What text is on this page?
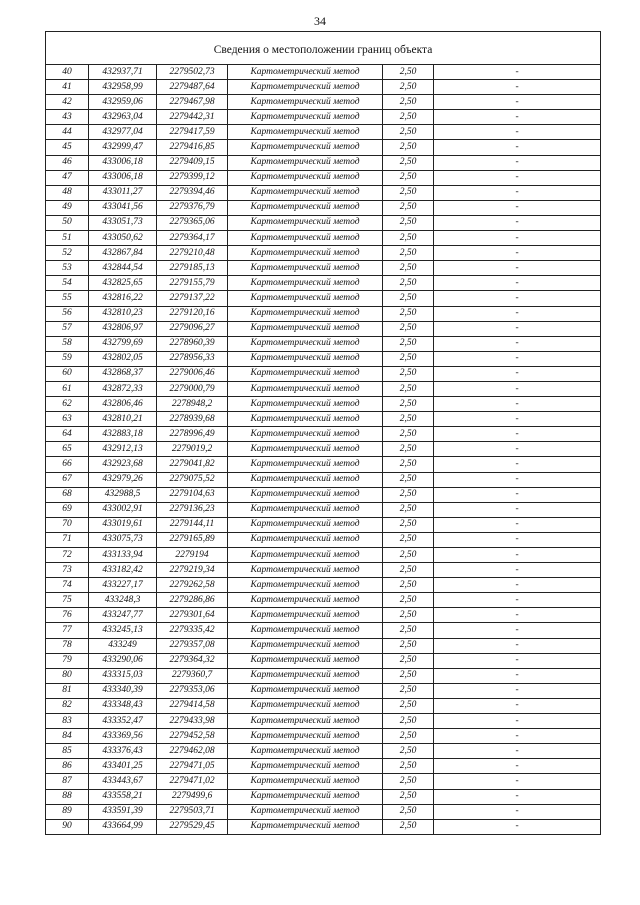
34
Сведения о местоположении границ объекта					
40	432937,71	2279502,73	Картометрический метод	2,50	-
41	432958,99	2279487,64	Картометрический метод	2,50	-
42	432959,06	2279467,98	Картометрический метод	2,50	-
43	432963,04	2279442,31	Картометрический метод	2,50	-
44	432977,04	2279417,59	Картометрический метод	2,50	-
45	432999,47	2279416,85	Картометрический метод	2,50	-
46	433006,18	2279409,15	Картометрический метод	2,50	-
47	433006,18	2279399,12	Картометрический метод	2,50	-
48	433011,27	2279394,46	Картометрический метод	2,50	-
49	433041,56	2279376,79	Картометрический метод	2,50	-
50	433051,73	2279365,06	Картометрический метод	2,50	-
51	433050,62	2279364,17	Картометрический метод	2,50	-
52	432867,84	2279210,48	Картометрический метод	2,50	-
53	432844,54	2279185,13	Картометрический метод	2,50	-
54	432825,65	2279155,79	Картометрический метод	2,50	-
55	432816,22	2279137,22	Картометрический метод	2,50	-
56	432810,23	2279120,16	Картометрический метод	2,50	-
57	432806,97	2279096,27	Картометрический метод	2,50	-
58	432799,69	2278960,39	Картометрический метод	2,50	-
59	432802,05	2278956,33	Картометрический метод	2,50	-
60	432868,37	2279006,46	Картометрический метод	2,50	-
61	432872,33	2279000,79	Картометрический метод	2,50	-
62	432806,46	2278948,2	Картометрический метод	2,50	-
63	432810,21	2278939,68	Картометрический метод	2,50	-
64	432883,18	2278996,49	Картометрический метод	2,50	-
65	432912,13	2279019,2	Картометрический метод	2,50	-
66	432923,68	2279041,82	Картометрический метод	2,50	-
67	432979,26	2279075,52	Картометрический метод	2,50	-
68	432988,5	2279104,63	Картометрический метод	2,50	-
69	433002,91	2279136,23	Картометрический метод	2,50	-
70	433019,61	2279144,11	Картометрический метод	2,50	-
71	433075,73	2279165,89	Картометрический метод	2,50	-
72	433133,94	2279194	Картометрический метод	2,50	-
73	433182,42	2279219,34	Картометрический метод	2,50	-
74	433227,17	2279262,58	Картометрический метод	2,50	-
75	433248,3	2279286,86	Картометрический метод	2,50	-
76	433247,77	2279301,64	Картометрический метод	2,50	-
77	433245,13	2279335,42	Картометрический метод	2,50	-
78	433249	2279357,08	Картометрический метод	2,50	-
79	433290,06	2279364,32	Картометрический метод	2,50	-
80	433315,03	2279360,7	Картометрический метод	2,50	-
81	433340,39	2279353,06	Картометрический метод	2,50	-
82	433348,43	2279414,58	Картометрический метод	2,50	-
83	433352,47	2279433,98	Картометрический метод	2,50	-
84	433369,56	2279452,58	Картометрический метод	2,50	-
85	433376,43	2279462,08	Картометрический метод	2,50	-
86	433401,25	2279471,05	Картометрический метод	2,50	-
87	433443,67	2279471,02	Картометрический метод	2,50	-
88	433558,21	2279499,6	Картометрический метод	2,50	-
89	433591,39	2279503,71	Картометрический метод	2,50	-
90	433664,99	2279529,45	Картометрический метод	2,50	-
